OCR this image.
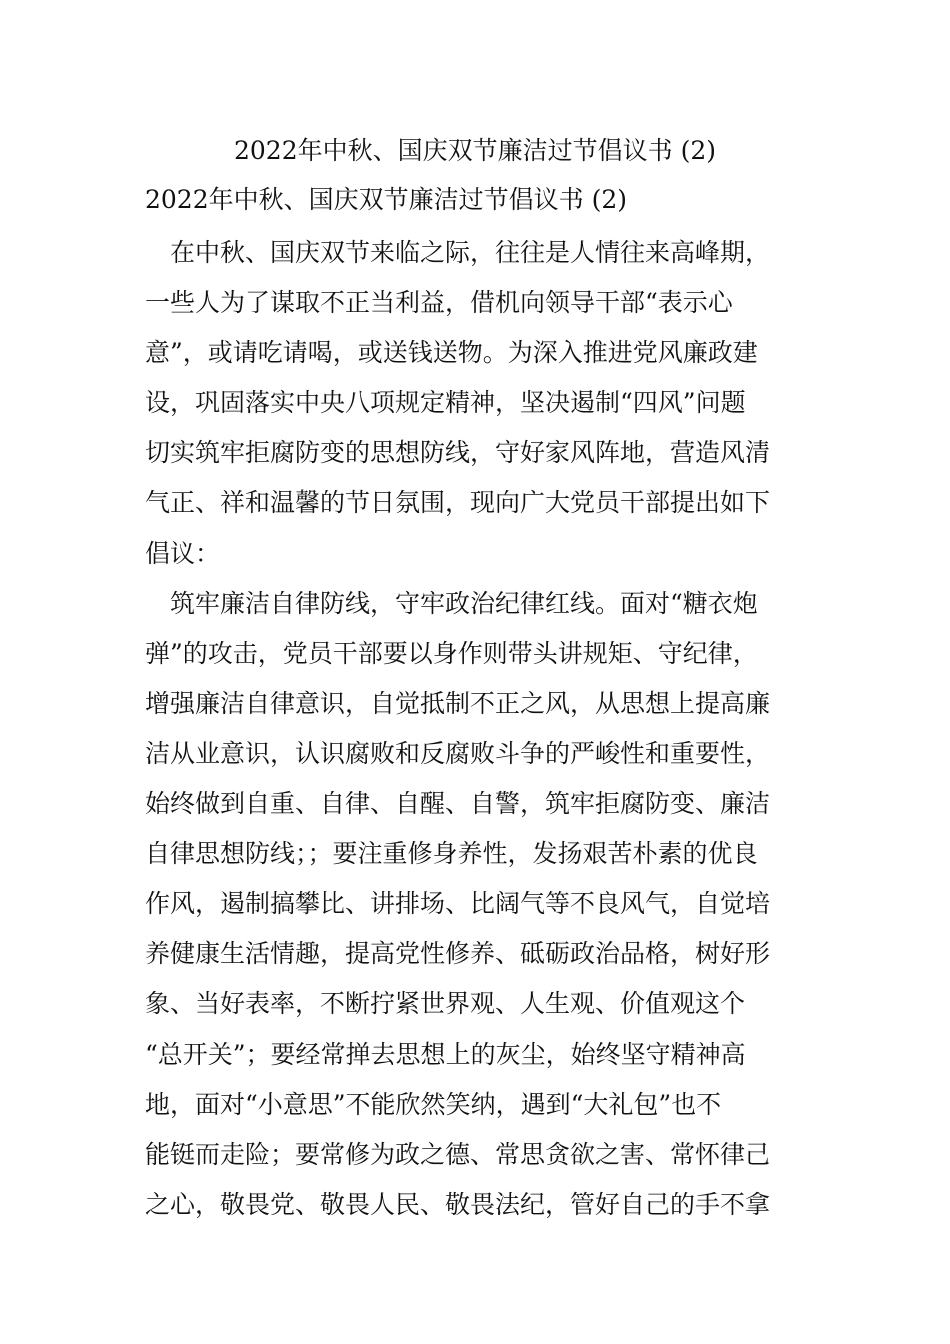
2022年中秋、国庆双节廉洁过节倡议书 (2)
2022年中秋、国庆双节廉洁过节倡议书 (2)
　在中秋、国庆双节来临之际，往往是人情往来高峰期，
一些人为了谋取不正当利益，借机向领导干部“表示心
意”，或请吃请喝，或送钱送物。为深入推进党风廉政建
设，巩固落实中央八项规定精神，坚决遏制“四风”问题
切实筑牢拒腐防变的思想防线，守好家风阵地，营造风清
气正、祥和温馨的节日氛围，现向广大党员干部提出如下
倡议：
　筑牢廉洁自律防线，守牢政治纪律红线。面对“糖衣炮
弹”的攻击，党员干部要以身作则带头讲规矩、守纪律，
增强廉洁自律意识，自觉抵制不正之风，从思想上提高廉
洁从业意识，认识腐败和反腐败斗争的严峻性和重要性，
始终做到自重、自律、自醒、自警，筑牢拒腐防变、廉洁
自律思想防线；；要注重修身养性，发扬艰苦朴素的优良
作风，遏制搞攀比、讲排场、比阔气等不良风气，自觉培
养健康生活情趣，提高党性修养、砥砺政治品格，树好形
象、当好表率，不断拧紧世界观、人生观、价值观这个
“总开关”；要经常掸去思想上的灰尘，始终坚守精神高
地，面对“小意思”不能欣然笑纳，遇到“大礼包”也不
能铤而走险；要常修为政之德、常思贪欲之害、常怀律己
之心，敬畏党、敬畏人民、敬畏法纪，管好自己的手不拿
